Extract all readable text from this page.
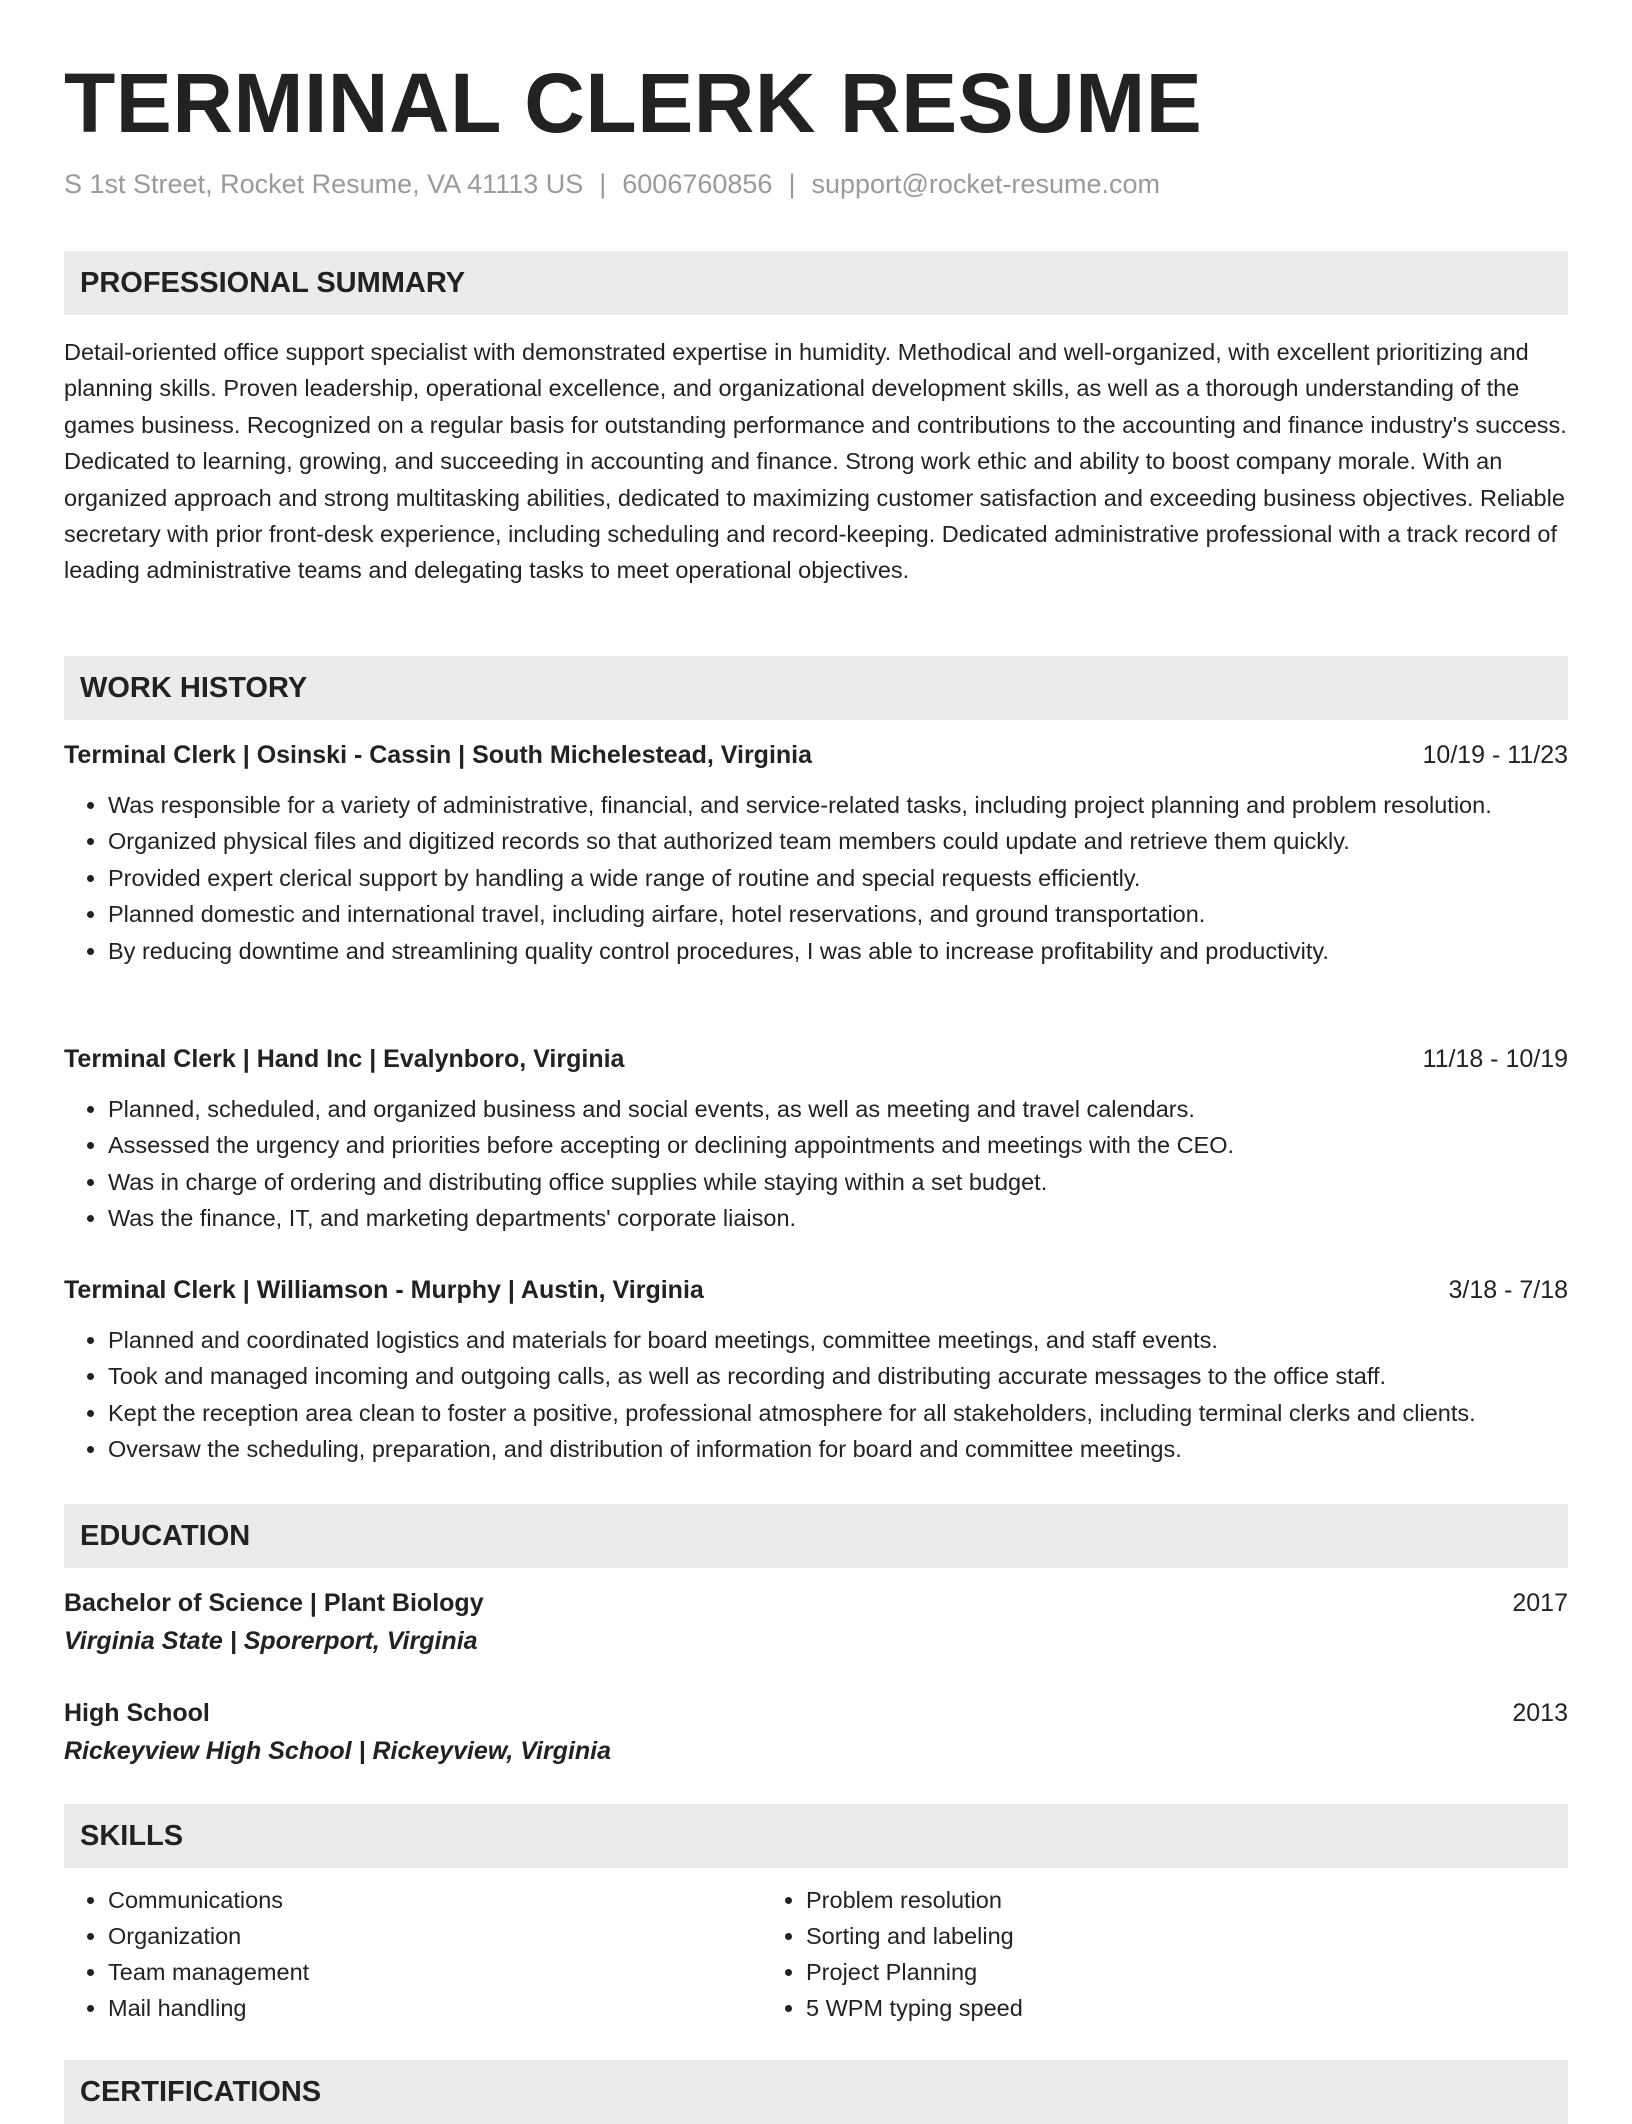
TERMINAL CLERK RESUME
S 1st Street, Rocket Resume, VA 41113 US | 6006760856 | support@rocket-resume.com
PROFESSIONAL SUMMARY

Detail-oriented office support specialist with demonstrated expertise in humidity. Methodical and well-organized, with excellent prioritizing and planning skills. Proven leadership, operational excellence, and organizational development skills, as well as a thorough understanding of the games business. Recognized on a regular basis for outstanding performance and contributions to the accounting and finance industry's success. Dedicated to learning, growing, and succeeding in accounting and finance. Strong work ethic and ability to boost company morale. With an organized approach and strong multitasking abilities, dedicated to maximizing customer satisfaction and exceeding business objectives. Reliable secretary with prior front-desk experience, including scheduling and record-keeping. Dedicated administrative professional with a track record of leading administrative teams and delegating tasks to meet operational objectives.

WORK HISTORY
Terminal Clerk | Osinski - Cassin | South Michelestead, Virginia	10/19 - 11/23
• Was responsible for a variety of administrative, financial, and service-related tasks, including project planning and problem resolution.
• Organized physical files and digitized records so that authorized team members could update and retrieve them quickly.
• Provided expert clerical support by handling a wide range of routine and special requests efficiently.
• Planned domestic and international travel, including airfare, hotel reservations, and ground transportation.
• By reducing downtime and streamlining quality control procedures, I was able to increase profitability and productivity.
Terminal Clerk | Hand Inc | Evalynboro, Virginia	11/18 - 10/19
• Planned, scheduled, and organized business and social events, as well as meeting and travel calendars.
• Assessed the urgency and priorities before accepting or declining appointments and meetings with the CEO.
• Was in charge of ordering and distributing office supplies while staying within a set budget.
• Was the finance, IT, and marketing departments' corporate liaison.
Terminal Clerk | Williamson - Murphy | Austin, Virginia	3/18 - 7/18
• Planned and coordinated logistics and materials for board meetings, committee meetings, and staff events.
• Took and managed incoming and outgoing calls, as well as recording and distributing accurate messages to the office staff.
• Kept the reception area clean to foster a positive, professional atmosphere for all stakeholders, including terminal clerks and clients.
• Oversaw the scheduling, preparation, and distribution of information for board and committee meetings.
EDUCATION
Bachelor of Science | Plant Biology	2017
Virginia State | Sporerport, Virginia
High School	2013
Rickeyview High School | Rickeyview, Virginia
SKILLS
• Communications
• Organization
• Team management
• Mail handling
• Problem resolution
• Sorting and labeling
• Project Planning
• 5 WPM typing speed
CERTIFICATIONS
